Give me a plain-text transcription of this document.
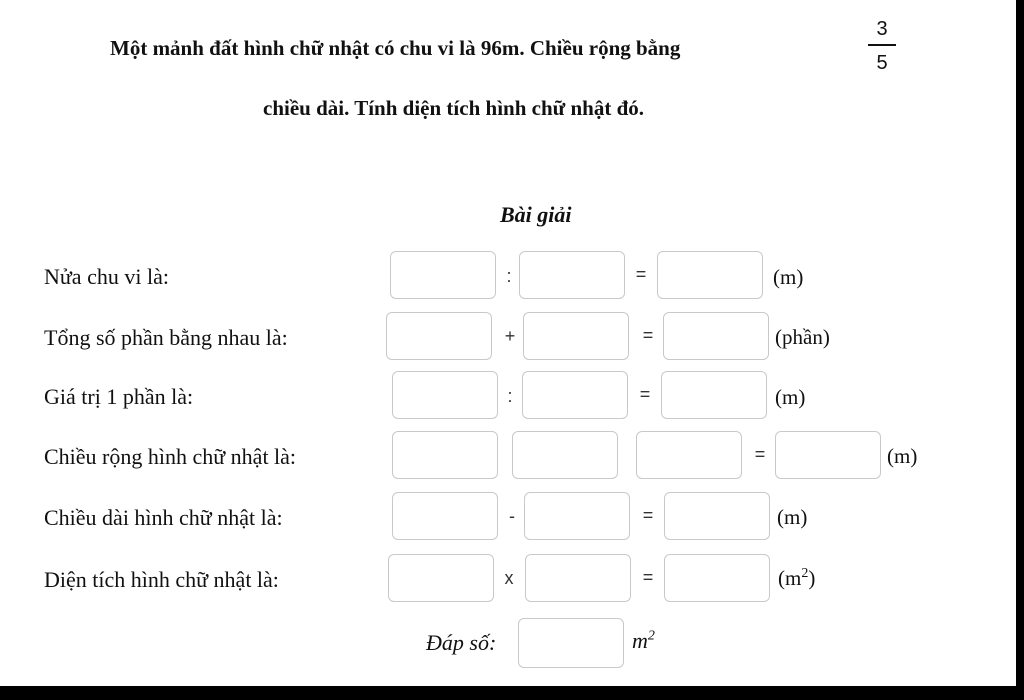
Một mảnh đất hình chữ nhật có chu vi là 96m. Chiều rộng bằng
3
5
chiều dài. Tính diện tích hình chữ nhật đó.
Bài giải
Nửa chu vi là:	:	=	(m)
Tổng số phần bằng nhau là:	+	=	(phần)
Giá trị 1 phần là:	:	=	(m)
Chiều rộng hình chữ nhật là:	=	(m)
Chiều dài hình chữ nhật là:	-	=	(m)
Diện tích hình chữ nhật là:	x	=	$(m^2)$
Đáp số:	$m^2$
